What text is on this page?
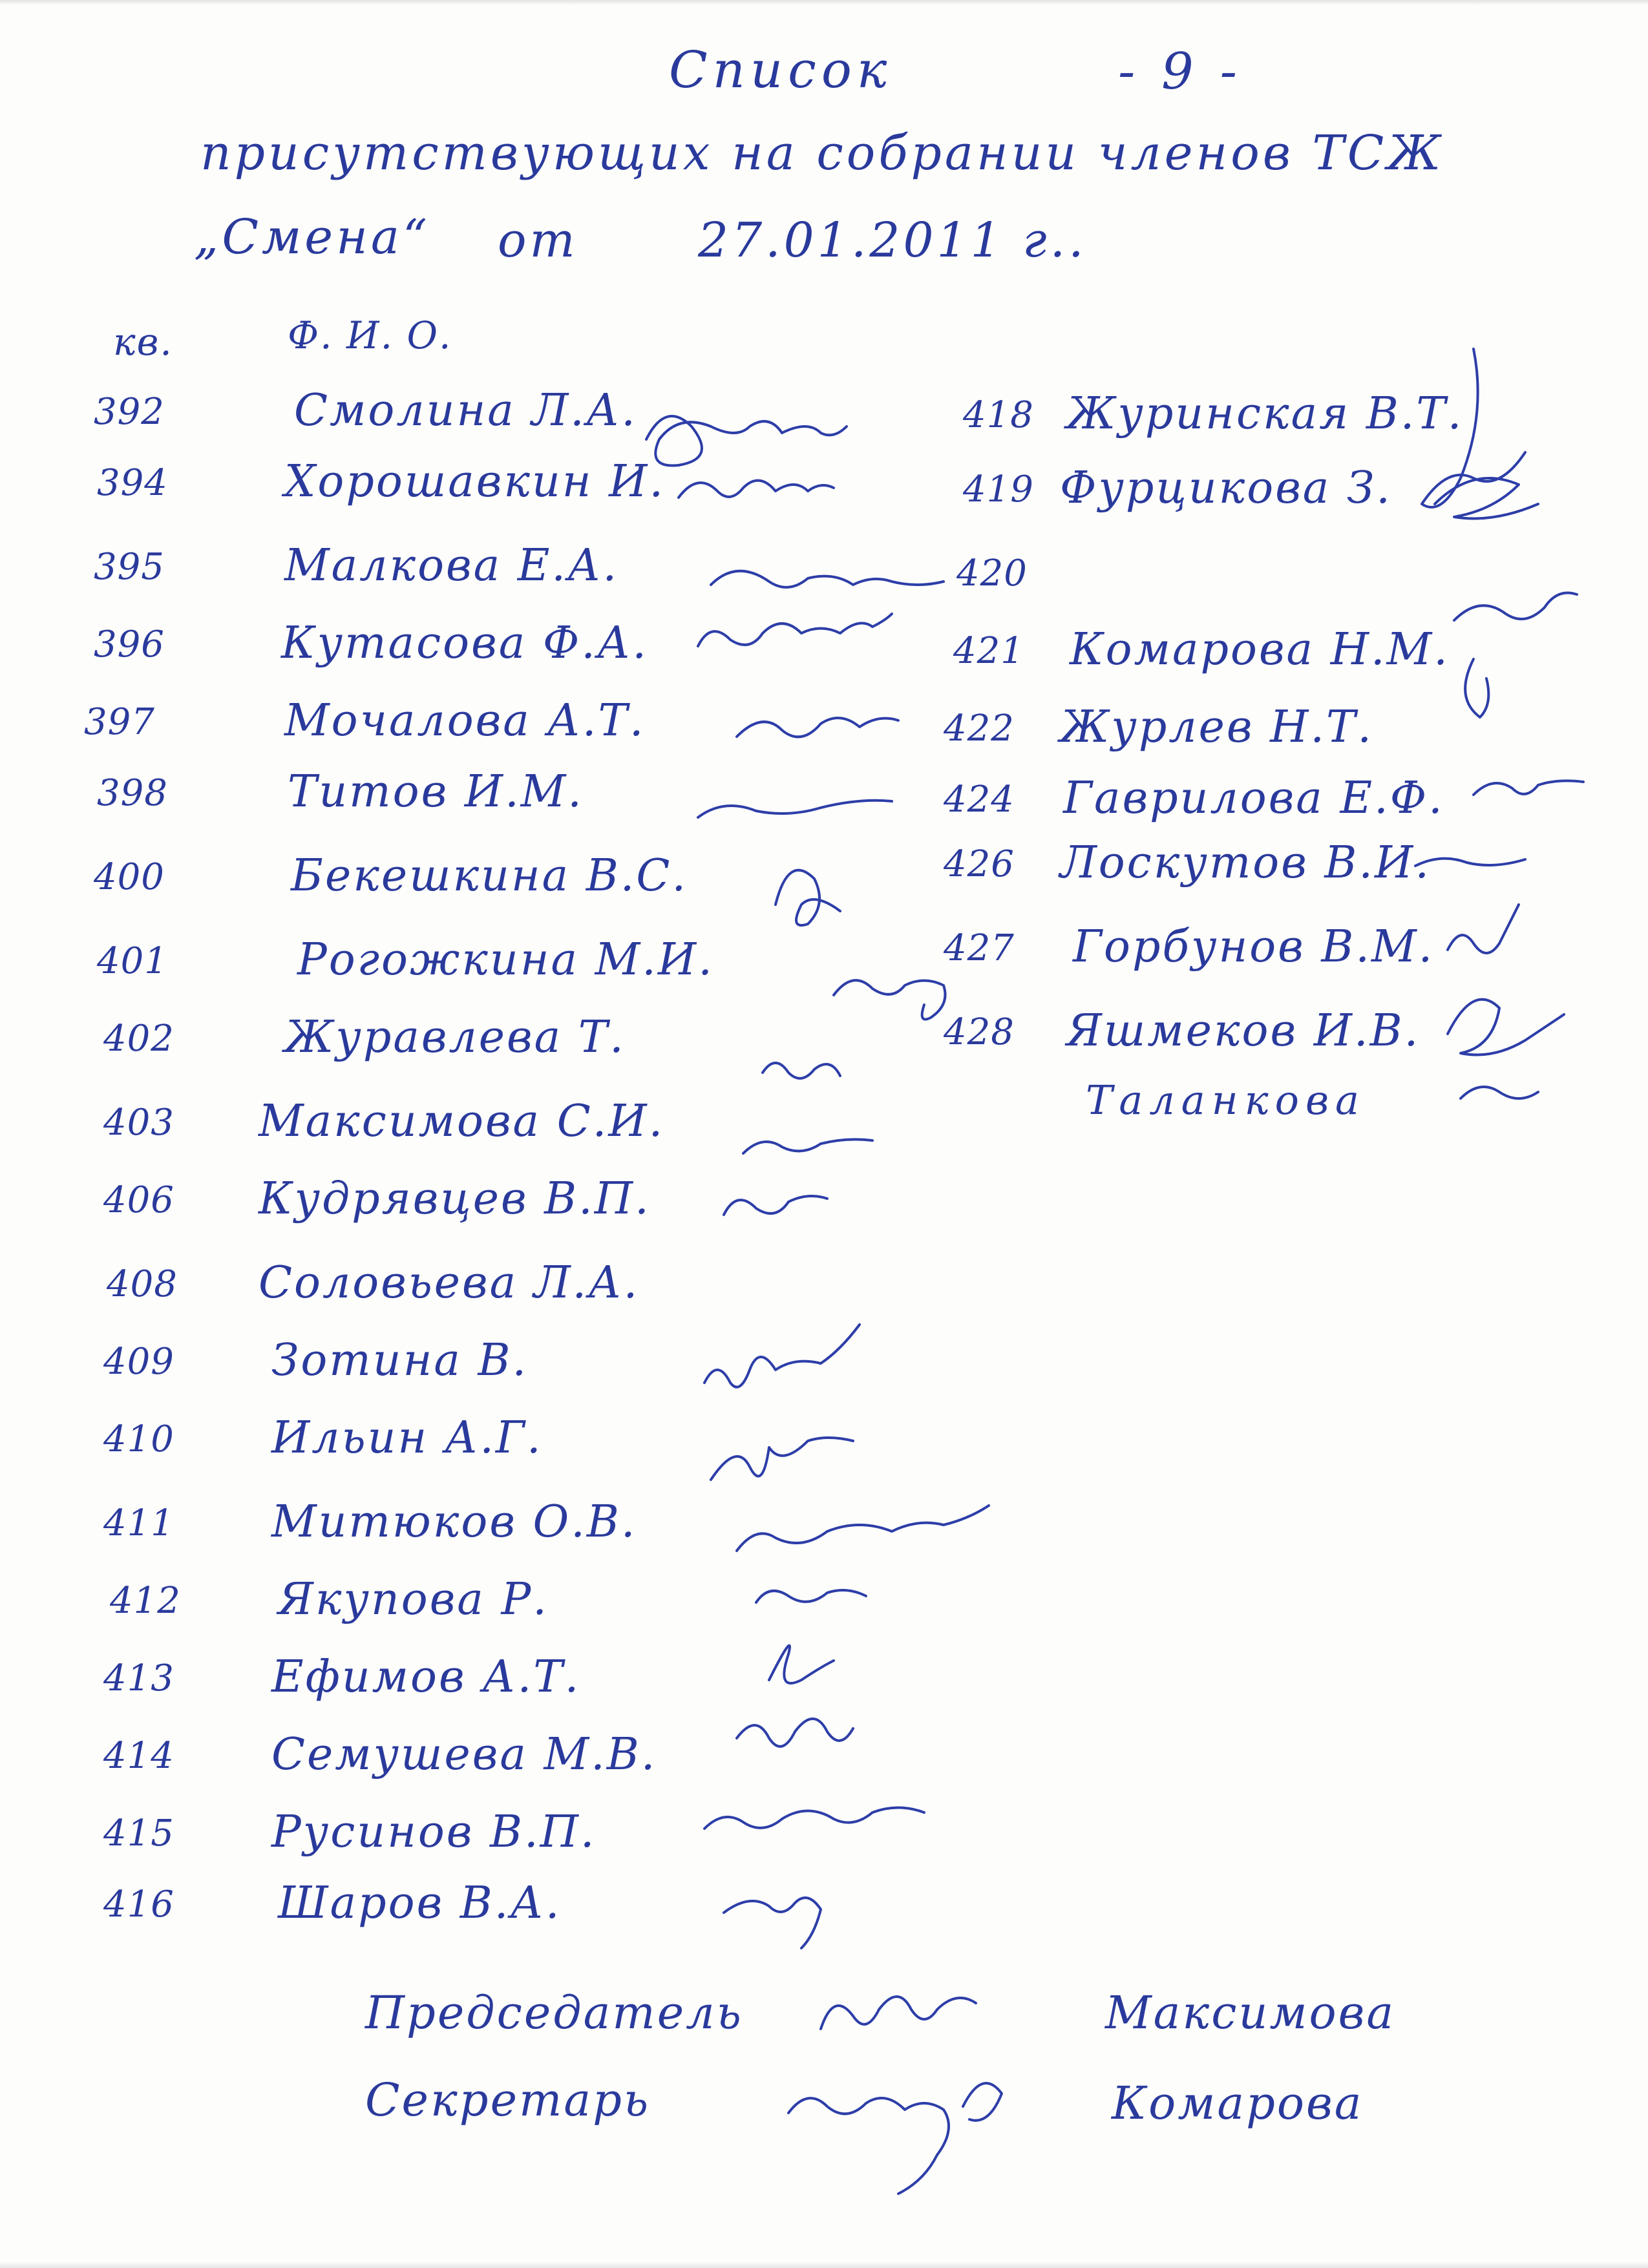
Список	- 9 -
присутствующих на собрании членов ТСЖ
„Смена“ от	27.01.2011 г..
кв.	Ф. И. О.
392	Смолина Л.А.
394	Хорошавкин И.
395	Малкова Е.А.
396	Кутасова Ф.А.
397	Мочалова А.Т.
398	Титов И.М.
400	Бекешкина В.С.
401	Рогожкина М.И.
402	Журавлева Т.
403 Максимова С.И.
406 Кудрявцев В.П.
408 Соловьева Л.А.
409 Зотина В.
410 Ильин А.Г.
411 Митюков О.В.
412 Якупова Р.
413 Ефимов А.Т.
414 Семушева М.В.
415 Русинов В.П.
416 Шаров В.А.
418 Журинская В.Т.
419 Фурцикова З.
420
421 Комарова Н.М.
422 Журлев Н.Т.
424 Гаврилова Е.Ф.
426 Лоскутов В.И.
427 Горбунов В.М.
428 Яшмеков И.В.
Таланкова
Председатель	Максимова
Секретарь	Комарова
